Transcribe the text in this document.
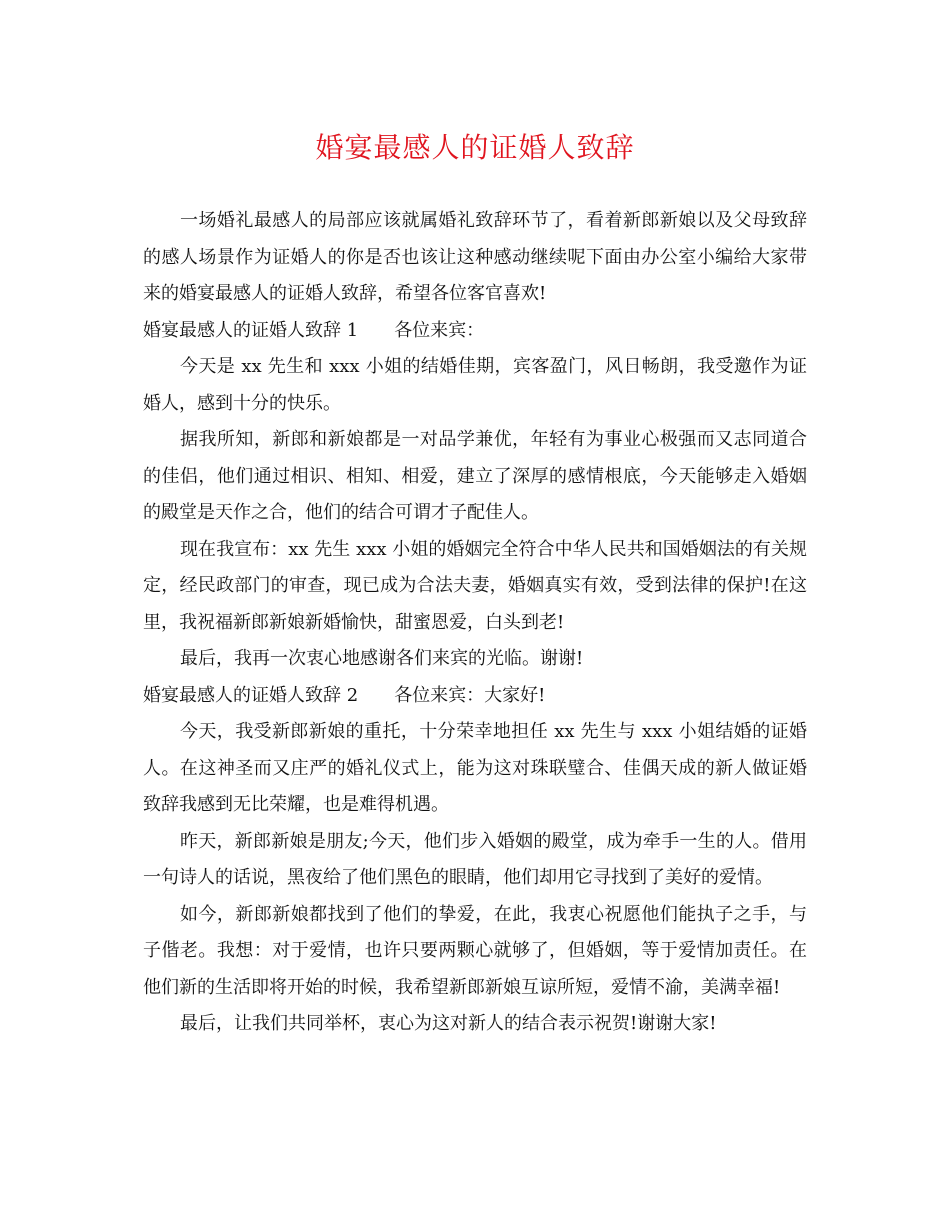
婚宴最感人的证婚人致辞

一场婚礼最感人的局部应该就属婚礼致辞环节了，看着新郎新娘以及父母致辞的感人场景作为证婚人的你是否也该让这种感动继续呢下面由办公室小编给大家带来的婚宴最感人的证婚人致辞，希望各位客官喜欢!

婚宴最感人的证婚人致辞 1 各位来宾：

今天是 xx 先生和 xxx 小姐的结婚佳期，宾客盈门，风日畅朗，我受邀作为证婚人，感到十分的快乐。

据我所知，新郎和新娘都是一对品学兼优，年轻有为事业心极强而又志同道合的佳侣，他们通过相识、相知、相爱，建立了深厚的感情根底，今天能够走入婚姻的殿堂是天作之合，他们的结合可谓才子配佳人。

现在我宣布：xx 先生 xxx 小姐的婚姻完全符合中华人民共和国婚姻法的有关规定，经民政部门的审查，现已成为合法夫妻，婚姻真实有效，受到法律的保护!在这里，我祝福新郎新娘新婚愉快，甜蜜恩爱，白头到老!

最后，我再一次衷心地感谢各们来宾的光临。谢谢!

婚宴最感人的证婚人致辞 2 各位来宾：大家好!

今天，我受新郎新娘的重托，十分荣幸地担任 xx 先生与 xxx 小姐结婚的证婚人。在这神圣而又庄严的婚礼仪式上，能为这对珠联璧合、佳偶天成的新人做证婚致辞我感到无比荣耀，也是难得机遇。

昨天，新郎新娘是朋友;今天，他们步入婚姻的殿堂，成为牵手一生的人。借用一句诗人的话说，黑夜给了他们黑色的眼睛，他们却用它寻找到了美好的爱情。

如今，新郎新娘都找到了他们的挚爱，在此，我衷心祝愿他们能执子之手，与子偕老。我想：对于爱情，也许只要两颗心就够了，但婚姻，等于爱情加责任。在他们新的生活即将开始的时候，我希望新郎新娘互谅所短，爱情不渝，美满幸福!

最后，让我们共同举杯，衷心为这对新人的结合表示祝贺!谢谢大家!
